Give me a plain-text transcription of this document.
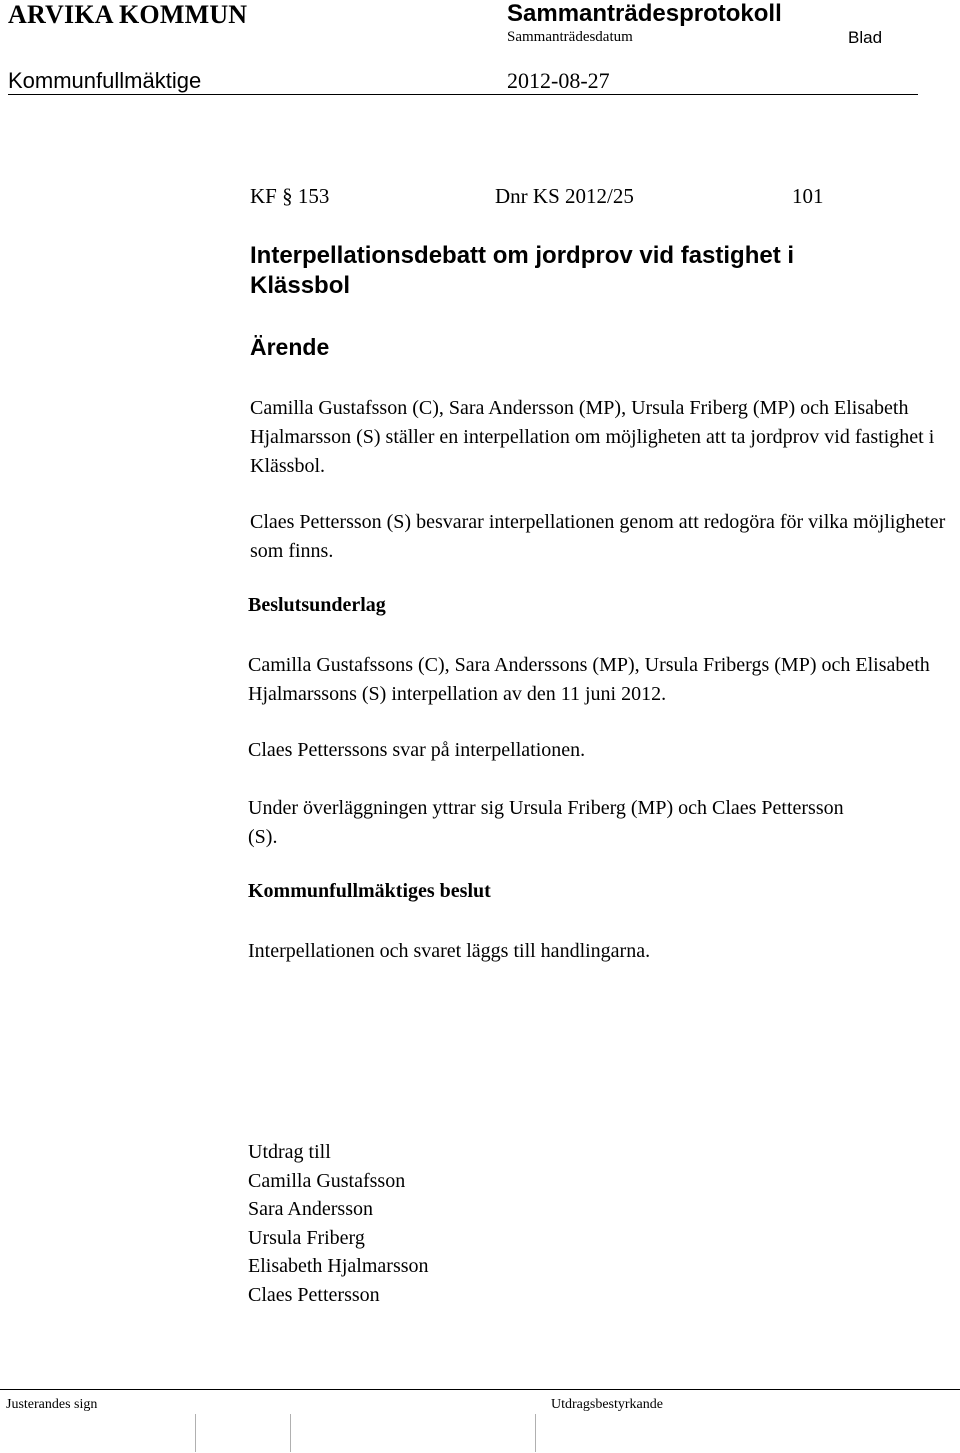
ARVIKA KOMMUN	Sammanträdesprotokoll
Sammanträdesdatum	Blad
Kommunfullmäktige	2012-08-27
KF § 153	Dnr KS 2012/25	101
Interpellationsdebatt om jordprov vid fastighet i Klässbol
Ärende
Camilla Gustafsson (C), Sara Andersson (MP), Ursula Friberg (MP) och Elisabeth Hjalmarsson (S) ställer en interpellation om möjligheten att ta jordprov vid fastighet i Klässbol.
Claes Pettersson (S) besvarar interpellationen genom att redogöra för vilka möjligheter som finns.
Beslutsunderlag
Camilla Gustafssons (C), Sara Anderssons (MP), Ursula Fribergs (MP) och Elisabeth Hjalmarssons (S) interpellation av den 11 juni 2012.
Claes Petterssons svar på interpellationen.
Under överläggningen yttrar sig Ursula Friberg (MP) och Claes Pettersson (S).
Kommunfullmäktiges beslut
Interpellationen och svaret läggs till handlingarna.
Utdrag till
Camilla Gustafsson
Sara Andersson
Ursula Friberg
Elisabeth Hjalmarsson
Claes Pettersson
Justerandes sign	Utdragsbestyrkande
